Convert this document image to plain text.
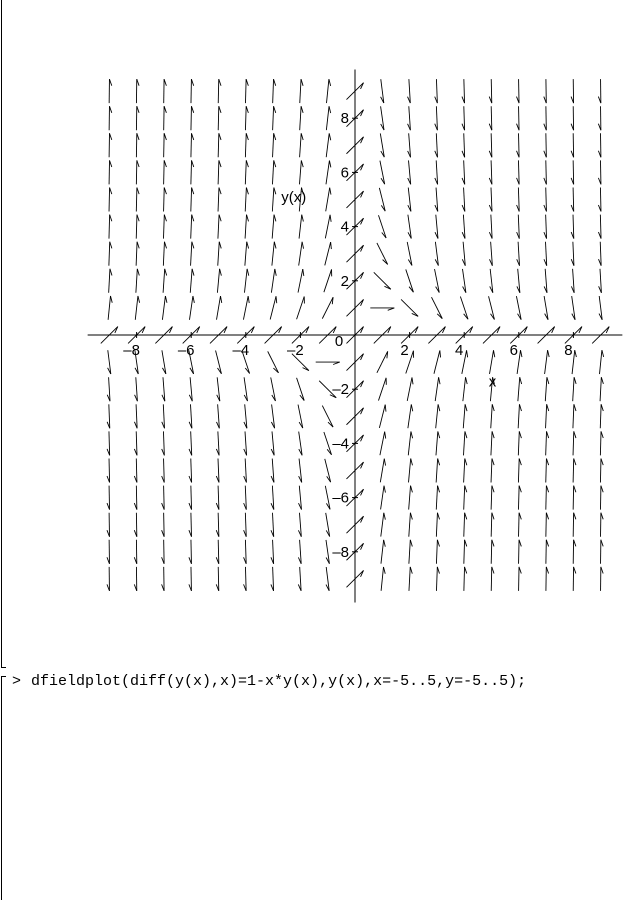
–8	–6	–4	–2
0
2	4	6	8
–8
–6
–4
–2
2
4
6
8
x
y(x)
> dfieldplot(diff(y(x),x)=1-x*y(x),y(x),x=-5..5,y=-5..5);
